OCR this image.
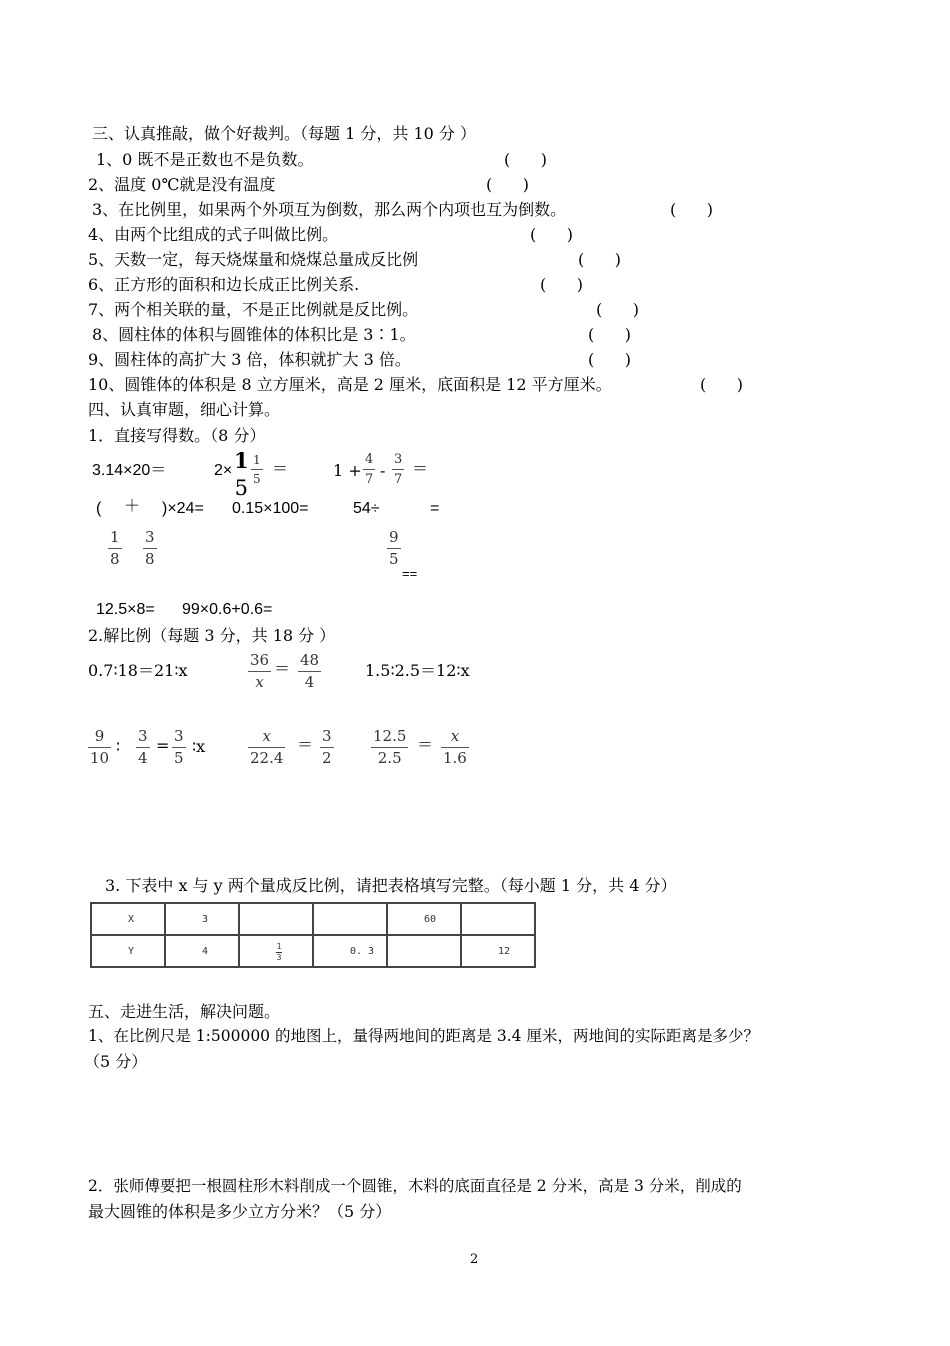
三、认真推敲，做个好裁判。（每题 1 分，共 10 分 ）
1、0 既不是正数也不是负数。	(      )
2、温度 0℃就是没有温度	(      )
3、在比例里，如果两个外项互为倒数，那么两个内项也互为倒数。	(      )
4、由两个比组成的式子叫做比例。	(      )
5、天数一定，每天烧煤量和烧煤总量成反比例	(      )
6、正方形的面积和边长成正比例关系.	(      )
7、两个相关联的量，不是正比例就是反比例。	(      )
8、圆柱体的体积与圆锥体的体积比是 3∶1。	(      )
9、圆柱体的高扩大 3 倍，体积就扩大 3 倍。	(      )
10、圆锥体的体积是 8 立方厘米，高是 2 厘米，底面积是 12 平方厘米。	(      )
四、认真审题，细心计算。
1．直接写得数。（8 分）
3.14×20＝	2× 1
5
1
5
＝	1 +
4
7 -
3
7
＝
( ＋ )×24= 0.15×100=	54÷	=
1
8
3
8
9
5
==
12.5×8= 99×0.6+0.6=
2.解比例（每题 3 分，共 18 分 ）
0.7∶18＝21∶x
36
x
＝ 48
4
1.5∶2.5＝12∶x
9
10
∶
3
4
= 3
5
∶x
x
22.4
＝ 3
2
12.5
2.5
＝ x
1.6
3. 下表中 x 与 y 两个量成反比例，请把表格填写完整。（每小题 1 分，共 4 分）
X	3			60	
Y	4	$\frac{1}{3}$	0. 3		12
五、走进生活，解决问题。
1、在比例尺是 1:500000 的地图上，量得两地间的距离是 3.4 厘米，两地间的实际距离是多少？
（5 分）
2．张师傅要把一根圆柱形木料削成一个圆锥，木料的底面直径是 2 分米，高是 3 分米，削成的
最大圆锥的体积是多少立方分米？（5 分）
2
